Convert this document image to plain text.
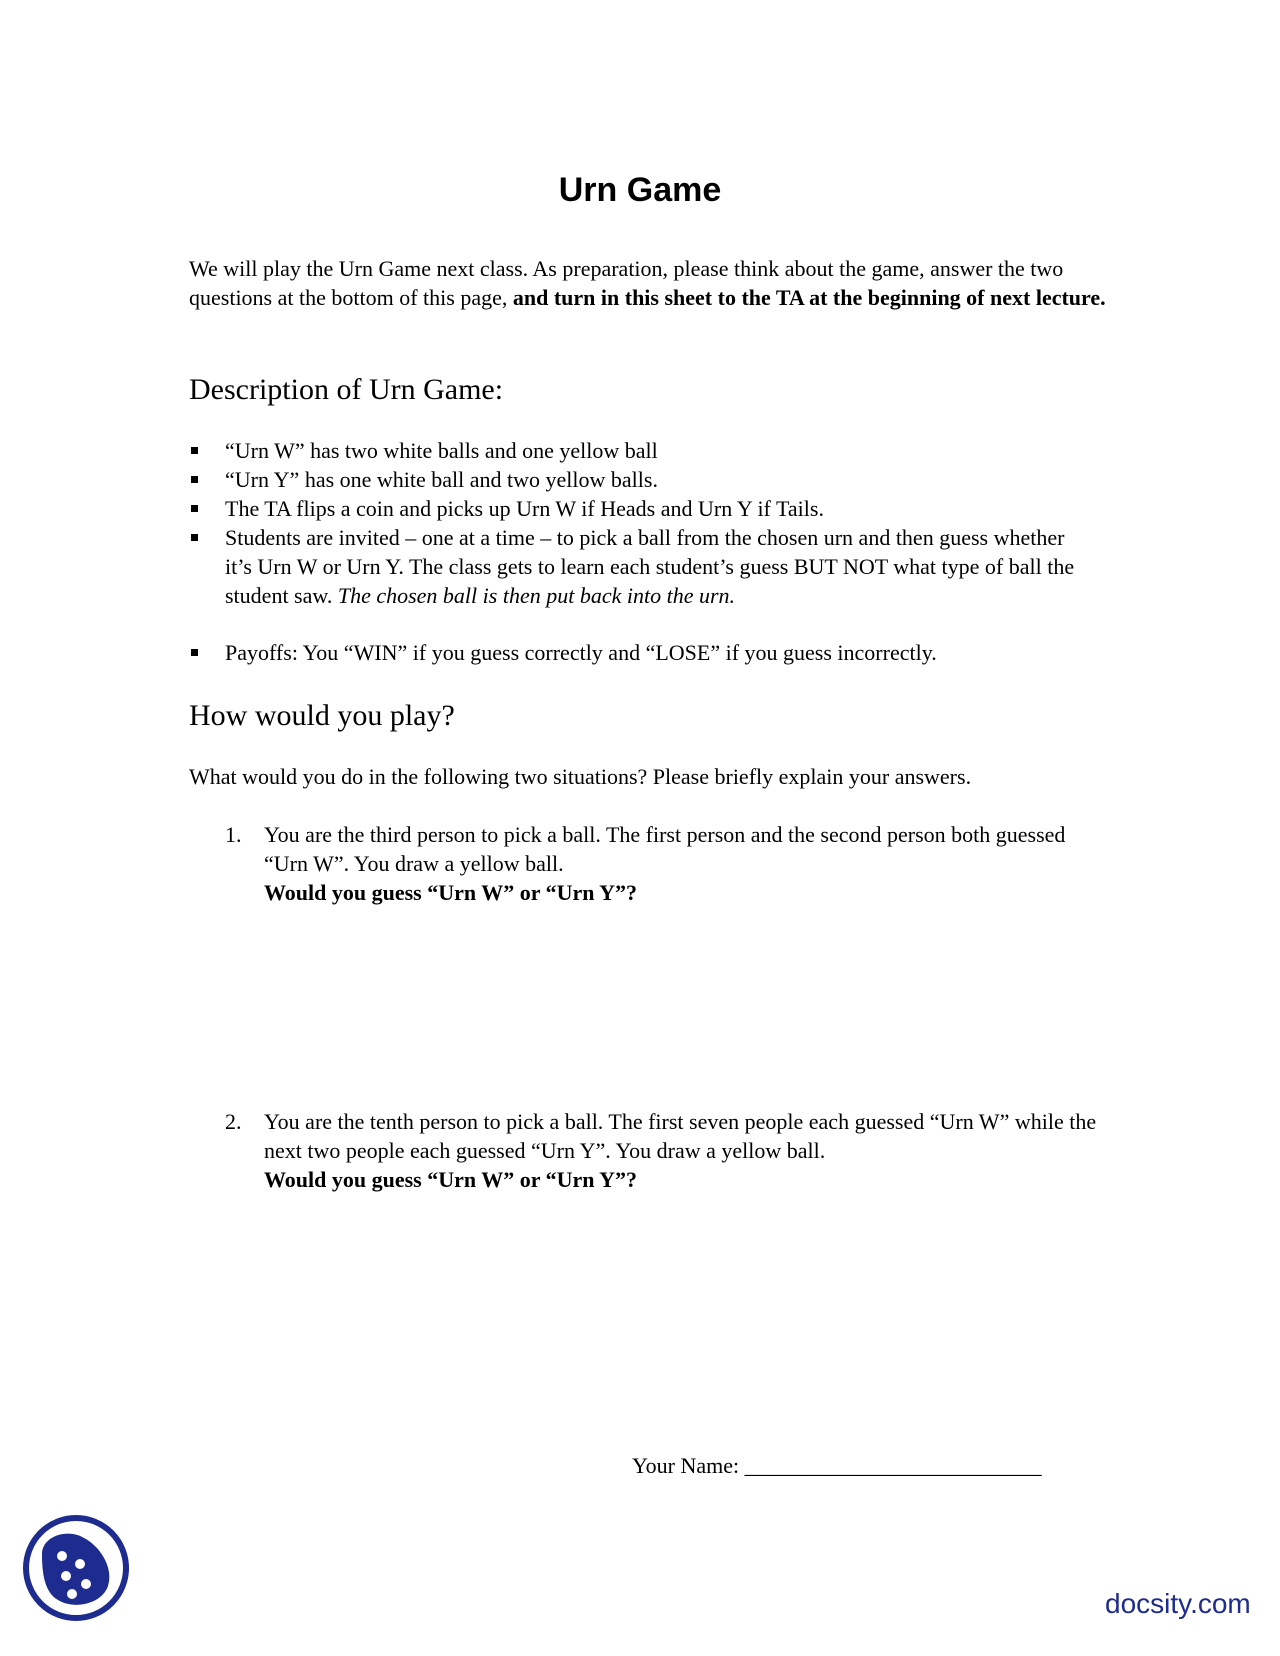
Urn Game
We will play the Urn Game next class. As preparation, please think about the game, answer the two questions at the bottom of this page, and turn in this sheet to the TA at the beginning of next lecture.
Description of Urn Game:
“Urn W” has two white balls and one yellow ball
“Urn Y” has one white ball and two yellow balls.
The TA flips a coin and picks up Urn W if Heads and Urn Y if Tails.
Students are invited – one at a time – to pick a ball from the chosen urn and then guess whether it’s Urn W or Urn Y. The class gets to learn each student’s guess BUT NOT what type of ball the student saw. The chosen ball is then put back into the urn.
Payoffs: You “WIN” if you guess correctly and “LOSE” if you guess incorrectly.
How would you play?
What would you do in the following two situations? Please briefly explain your answers.
1. You are the third person to pick a ball. The first person and the second person both guessed “Urn W”. You draw a yellow ball.
Would you guess “Urn W” or “Urn Y”?
2. You are the tenth person to pick a ball. The first seven people each guessed “Urn W” while the next two people each guessed “Urn Y”. You draw a yellow ball.
Would you guess “Urn W” or “Urn Y”?
Your Name: ___________________________
docsity.com
